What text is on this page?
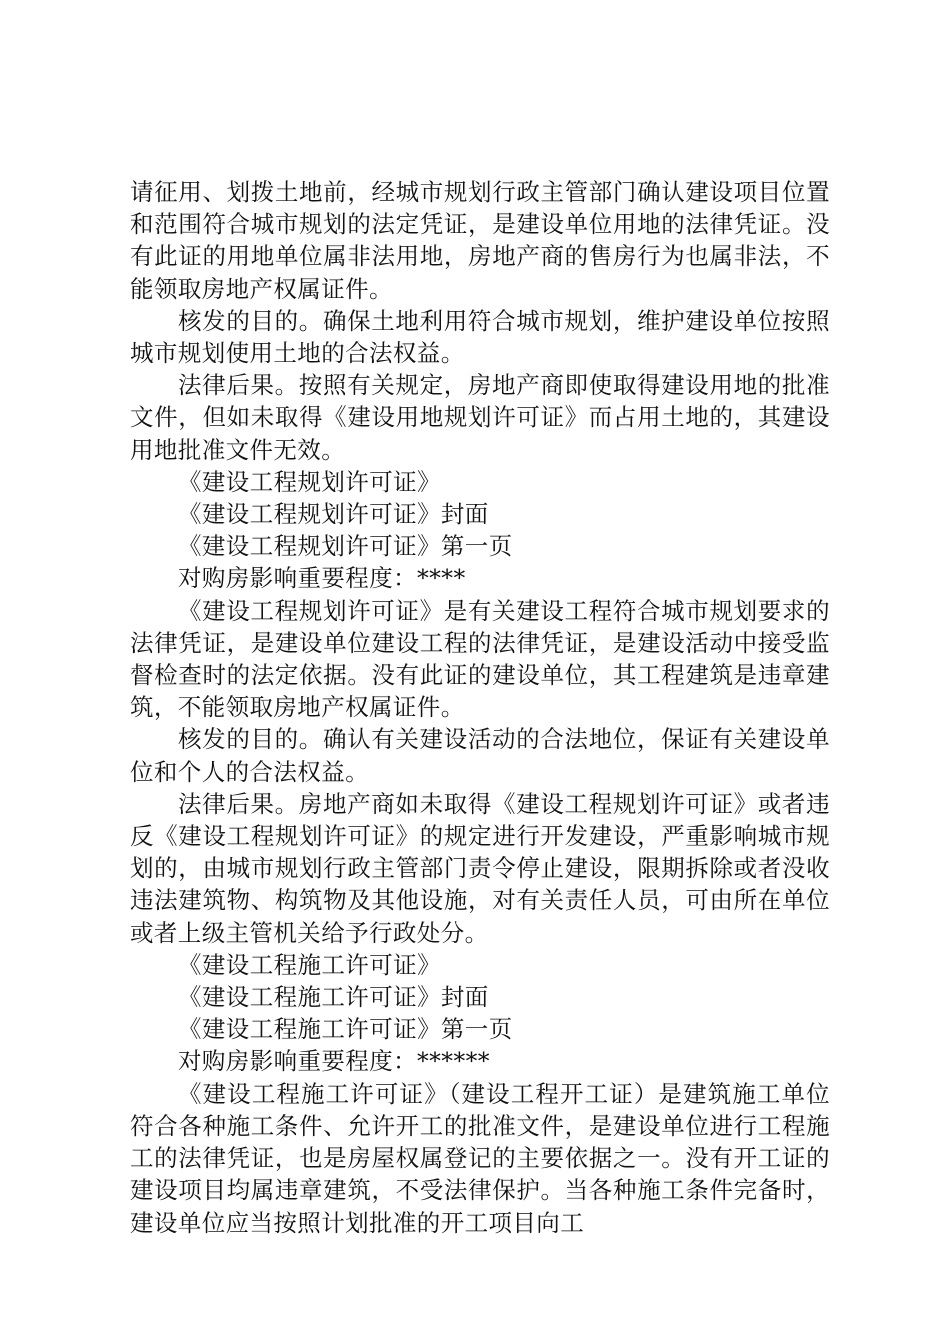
请征用、划拨土地前，经城市规划行政主管部门确认建设项目位置和范围符合城市规划的法定凭证，是建设单位用地的法律凭证。没有此证的用地单位属非法用地，房地产商的售房行为也属非法，不能领取房地产权属证件。

核发的目的。确保土地利用符合城市规划，维护建设单位按照城市规划使用土地的合法权益。

法律后果。按照有关规定，房地产商即使取得建设用地的批准文件，但如未取得《建设用地规划许可证》而占用土地的，其建设用地批准文件无效。

《建设工程规划许可证》

《建设工程规划许可证》封面

《建设工程规划许可证》第一页

对购房影响重要程度：****

《建设工程规划许可证》是有关建设工程符合城市规划要求的法律凭证，是建设单位建设工程的法律凭证，是建设活动中接受监督检查时的法定依据。没有此证的建设单位，其工程建筑是违章建筑，不能领取房地产权属证件。

核发的目的。确认有关建设活动的合法地位，保证有关建设单位和个人的合法权益。

法律后果。房地产商如未取得《建设工程规划许可证》或者违反《建设工程规划许可证》的规定进行开发建设，严重影响城市规划的，由城市规划行政主管部门责令停止建设，限期拆除或者没收违法建筑物、构筑物及其他设施，对有关责任人员，可由所在单位或者上级主管机关给予行政处分。

《建设工程施工许可证》

《建设工程施工许可证》封面

《建设工程施工许可证》第一页

对购房影响重要程度：******

《建设工程施工许可证》（建设工程开工证）是建筑施工单位符合各种施工条件、允许开工的批准文件，是建设单位进行工程施工的法律凭证，也是房屋权属登记的主要依据之一。没有开工证的建设项目均属违章建筑，不受法律保护。当各种施工条件完备时，建设单位应当按照计划批准的开工项目向工
